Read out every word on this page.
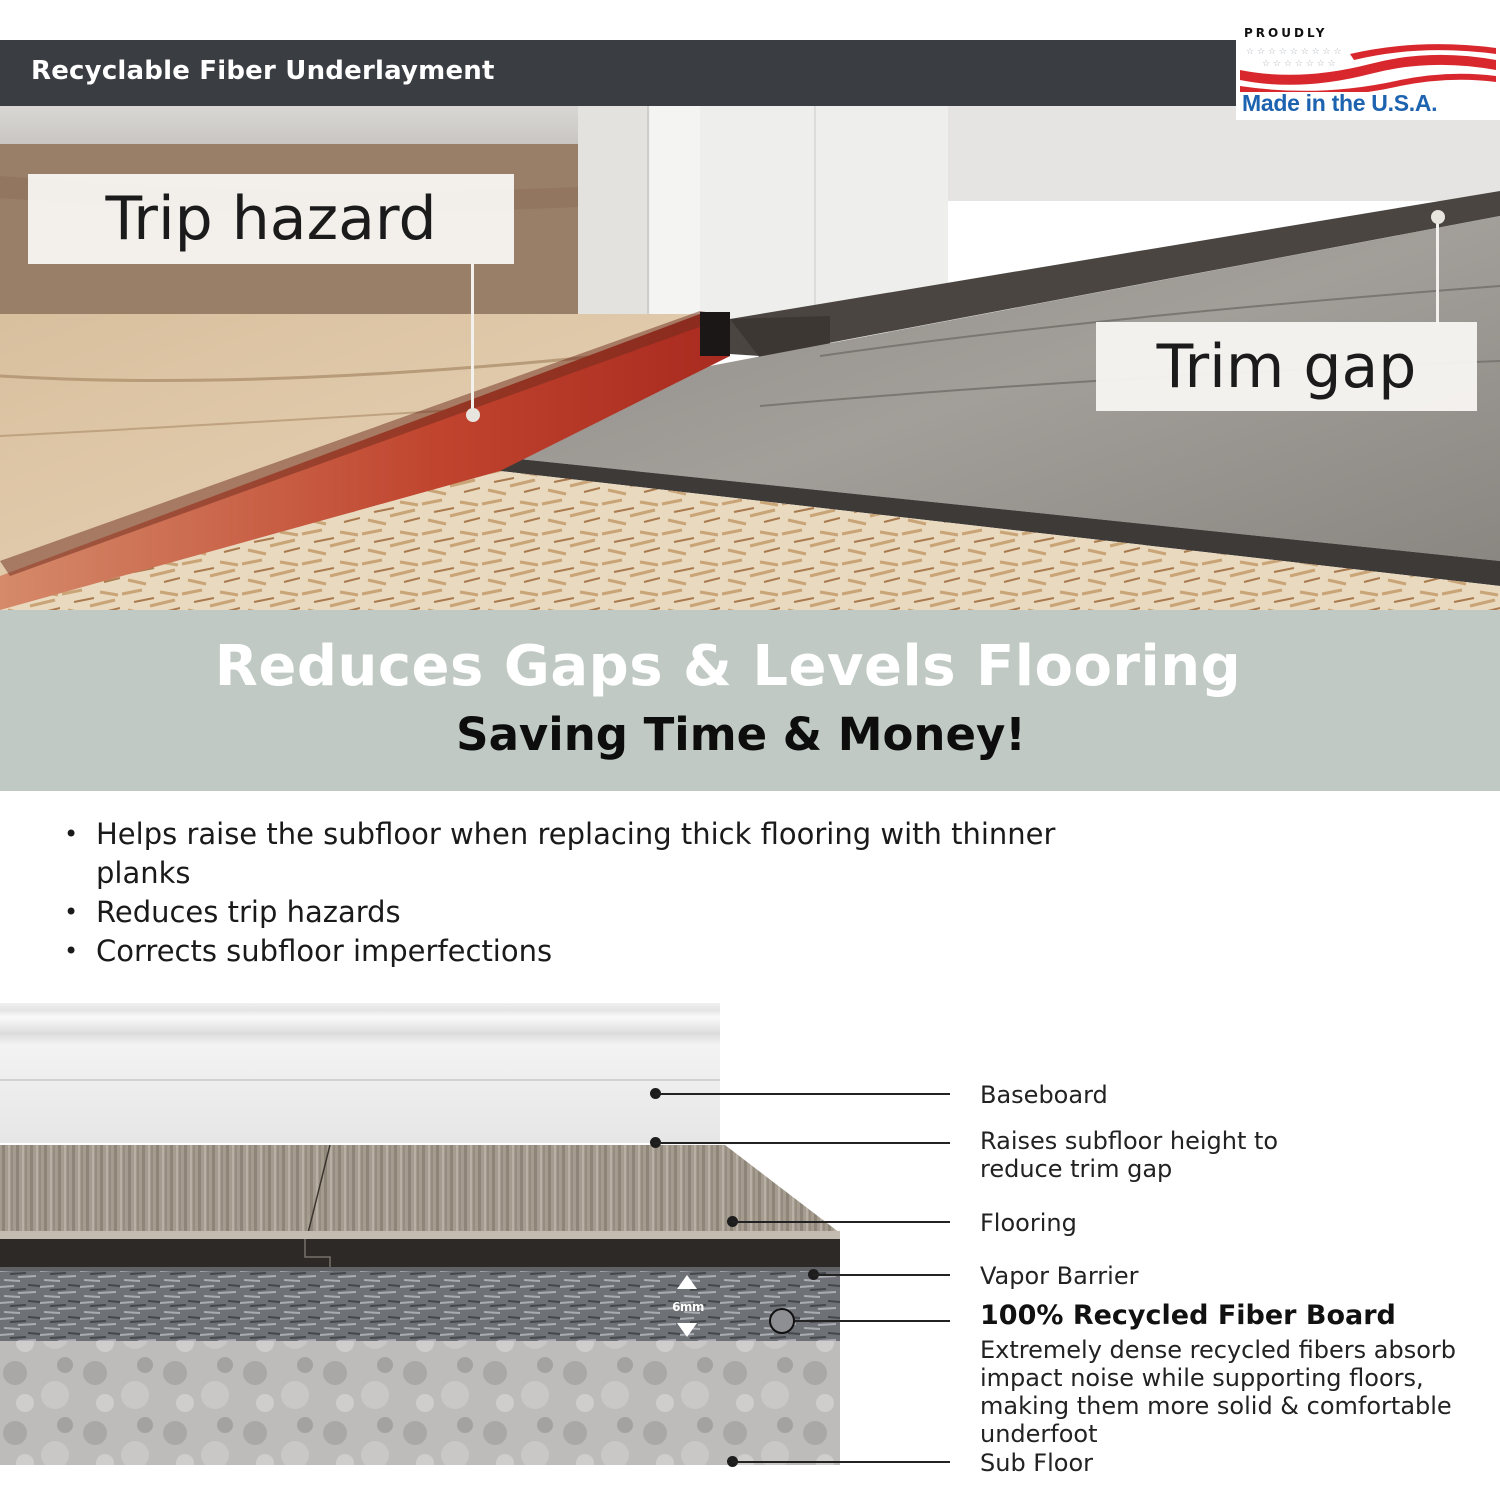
Recyclable Fiber Underlayment
Trip hazard
Trim gap
PROUDLY
☆ ☆ ☆ ☆ ☆ ☆ ☆ ☆ ☆
☆ ☆ ☆ ☆ ☆ ☆ ☆
Made in the U.S.A.
Reduces Gaps & Levels Flooring
Saving Time & Money!
• Helps raise the subfloor when replacing thick flooring with thinner planks
• Reduces trip hazards
• Corrects subfloor imperfections
6mm
Baseboard
Raises subfloor height to reduce trim gap
Flooring
Vapor Barrier
100% Recycled Fiber Board
Extremely dense recycled fibers absorb impact noise while supporting floors, making them more solid & comfortable underfoot
Sub Floor
